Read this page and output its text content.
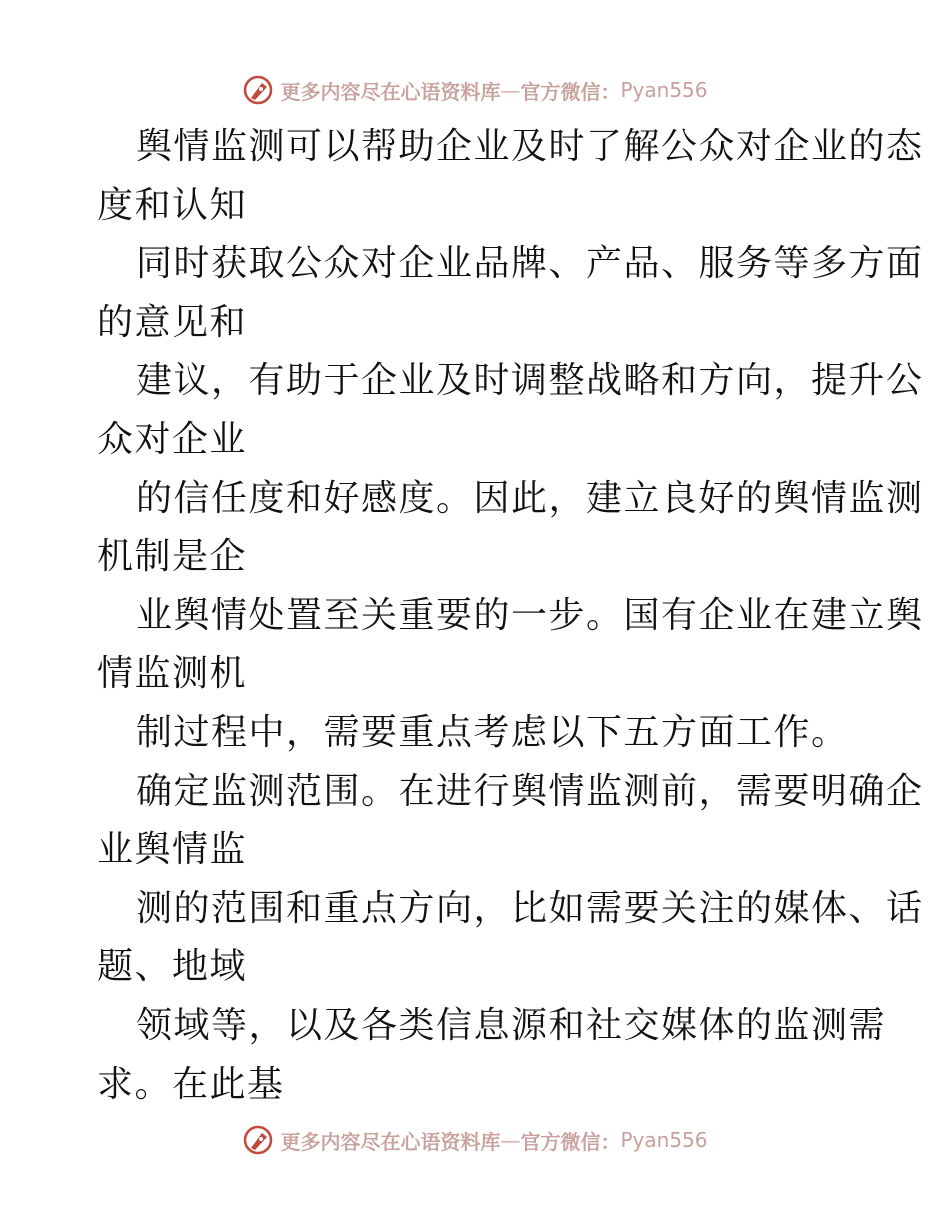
更多内容尽在心语资料库 — 官方微信： Pyan556
舆情监测可以帮助企业及时了解公众对企业的态
度和认知
同时获取公众对企业品牌、产品、服务等多方面
的意见和
建议，有助于企业及时调整战略和方向，提升公
众对企业
的信任度和好感度。因此，建立良好的舆情监测
机制是企
业舆情处置至关重要的一步。国有企业在建立舆
情监测机
制过程中，需要重点考虑以下五方面工作。
确定监测范围。在进行舆情监测前，需要明确企
业舆情监
测的范围和重点方向，比如需要关注的媒体、话
题、地域
领域等，以及各类信息源和社交媒体的监测需
求。在此基
更多内容尽在心语资料库 — 官方微信： Pyan556
